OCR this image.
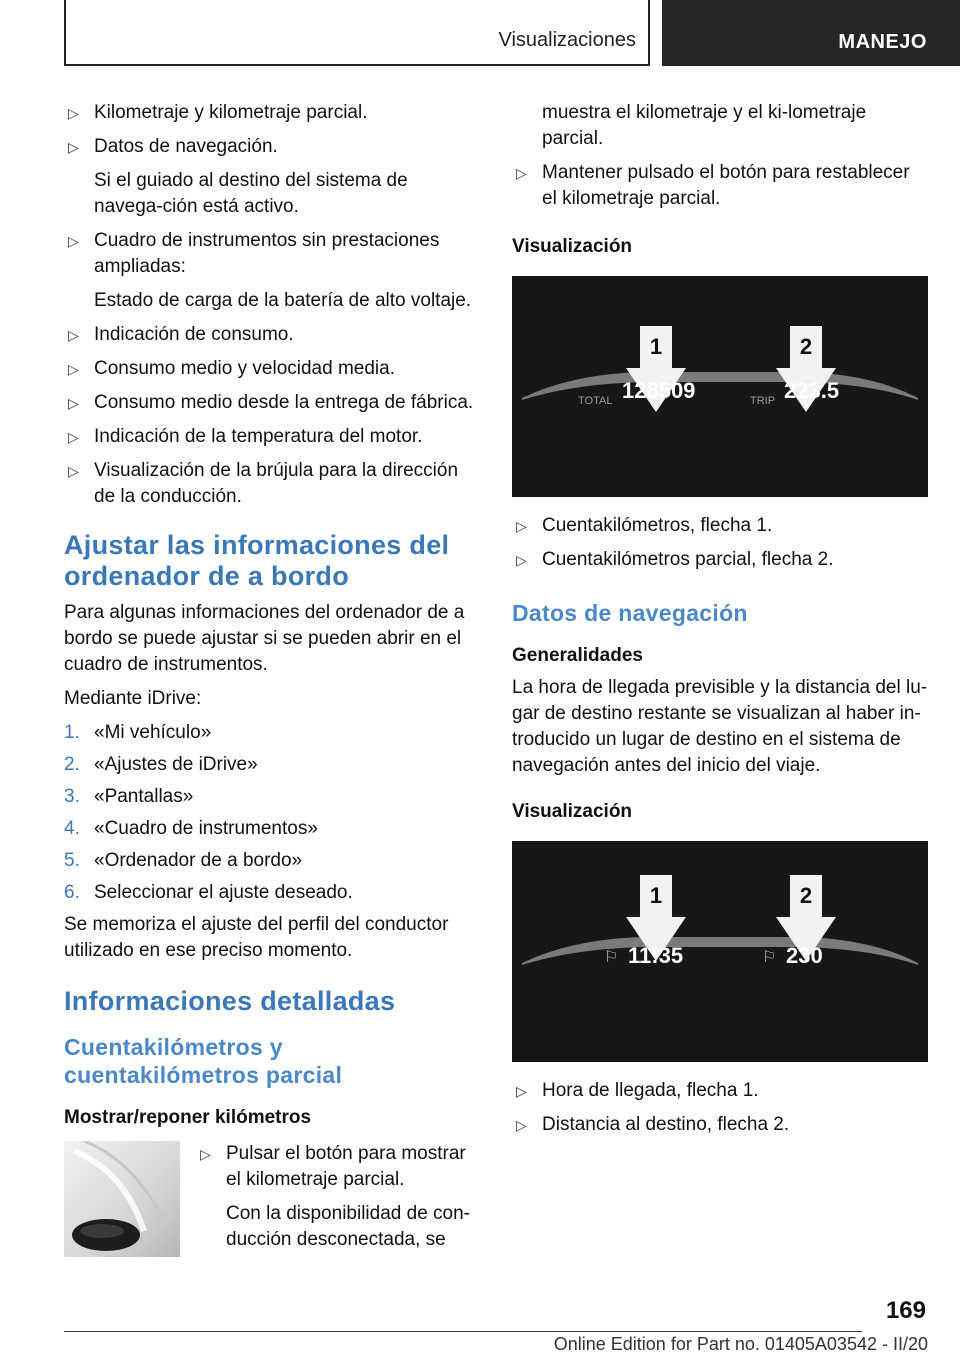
Visualizaciones	MANEJO
▷ Kilometraje y kilometraje parcial.
▷ Datos de navegación.
Si el guiado al destino del sistema de navega-ción está activo.
▷ Cuadro de instrumentos sin prestaciones ampliadas:
Estado de carga de la batería de alto voltaje.
▷ Indicación de consumo.
▷ Consumo medio y velocidad media.
▷ Consumo medio desde la entrega de fábrica.
▷ Indicación de la temperatura del motor.
▷ Visualización de la brújula para la dirección de la conducción.
Ajustar las informaciones del ordenador de a bordo
Para algunas informaciones del ordenador de a bordo se puede ajustar si se pueden abrir en el cuadro de instrumentos.
Mediante iDrive:
1. «Mi vehículo»
2. «Ajustes de iDrive»
3. «Pantallas»
4. «Cuadro de instrumentos»
5. «Ordenador de a bordo»
6. Seleccionar el ajuste deseado.
Se memoriza el ajuste del perfil del conductor utilizado en ese preciso momento.
Informaciones detalladas
Cuentakilómetros y cuentakilómetros parcial
Mostrar/reponer kilómetros
▷ Pulsar el botón para mostrar el kilometraje parcial.
Con la disponibilidad de con-ducción desconectada, se
muestra el kilometraje y el ki-lometraje parcial.
▷ Mantener pulsado el botón para restablecer el kilometraje parcial.
Visualización
1	2
TOTAL 128509	TRIP 223.5
▷ Cuentakilómetros, flecha 1.
▷ Cuentakilómetros parcial, flecha 2.
Datos de navegación
Generalidades
La hora de llegada previsible y la distancia del lu-gar de destino restante se visualizan al haber in-troducido un lugar de destino en el sistema de navegación antes del inicio del viaje.
Visualización
1	2
⚐ 11:35	⚐ 230
▷ Hora de llegada, flecha 1.
▷ Distancia al destino, flecha 2.
169
Online Edition for Part no. 01405A03542 - II/20
